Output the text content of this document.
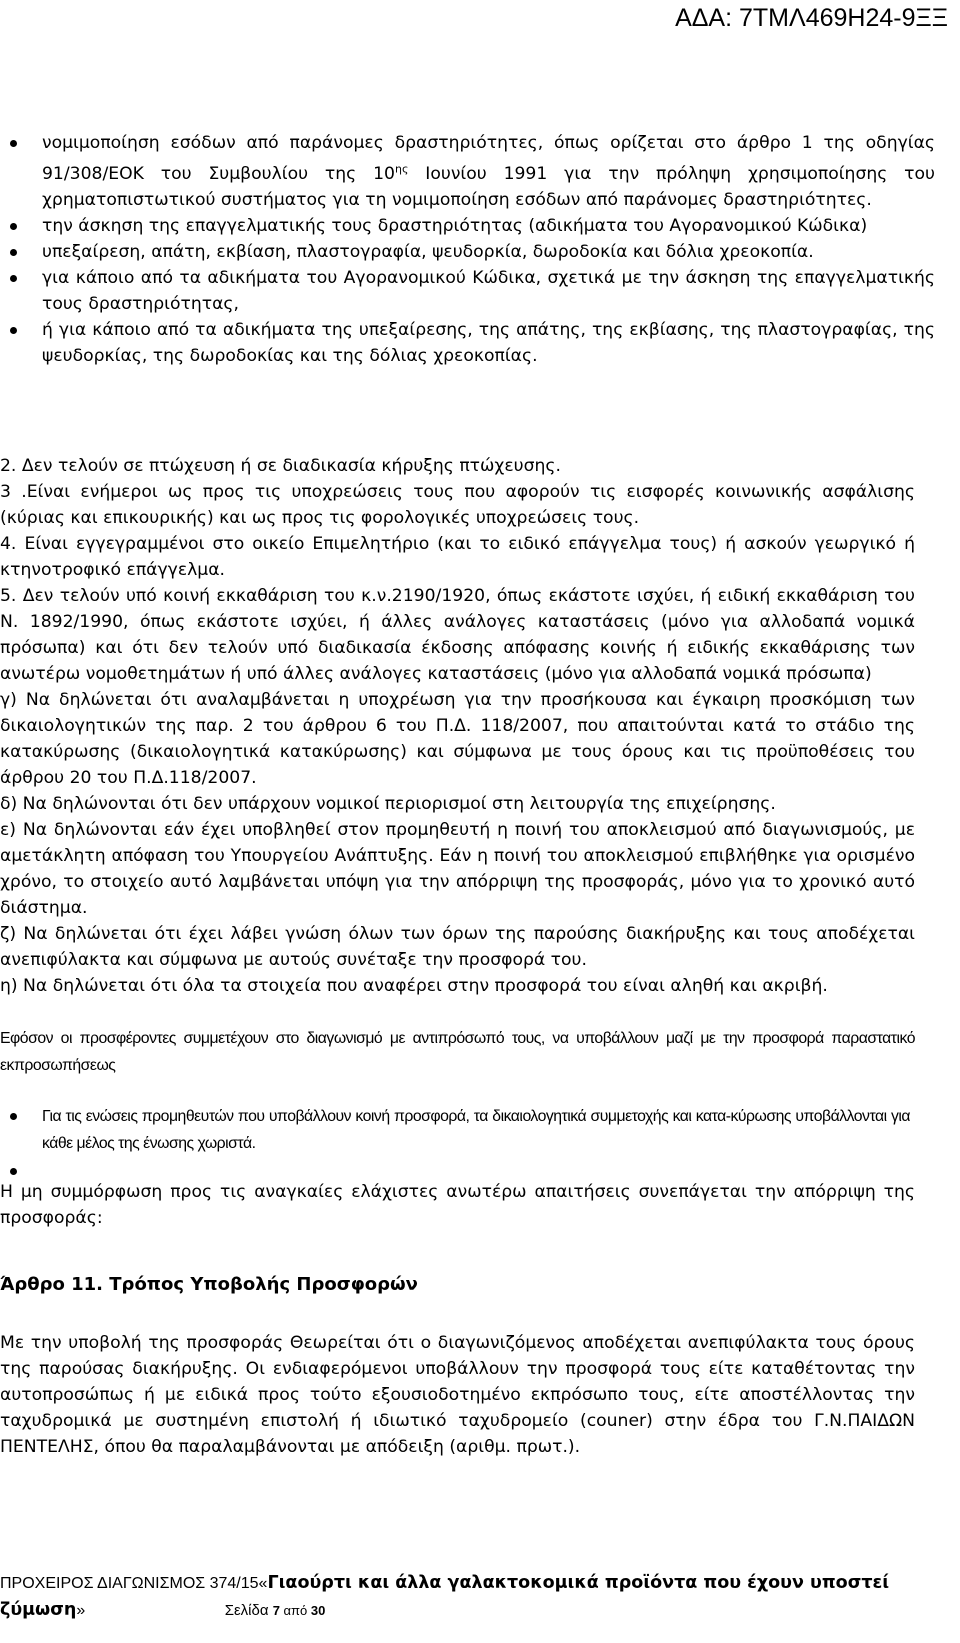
ΑΔΑ: 7ΤΜΛ469Η24-9ΞΞ
νομιμοποίηση εσόδων από παράνομες δραστηριότητες, όπως ορίζεται στο άρθρο 1 της οδηγίας 91/308/ΕΟΚ του Συμβουλίου της $10^{\eta\varsigma}$ Ιουνίου 1991 για την πρόληψη χρησιμοποίησης του χρηματοπιστωτικού συστήματος για τη νομιμοποίηση εσόδων από παράνομες δραστηριότητες.
την άσκηση της επαγγελματικής τους δραστηριότητας (αδικήματα του Αγορανομικού Κώδικα)
υπεξαίρεση, απάτη, εκβίαση, πλαστογραφία, ψευδορκία, δωροδοκία και δόλια χρεοκοπία.
για κάποιο από τα αδικήματα του Αγορανομικού Κώδικα, σχετικά με την άσκηση της επαγγελματικής τους δραστηριότητας,
ή για κάποιο από τα αδικήματα της υπεξαίρεσης, της απάτης, της εκβίασης, της πλαστογραφίας, της ψευδορκίας, της δωροδοκίας και της δόλιας χρεοκοπίας.

2. Δεν τελούν σε πτώχευση ή σε διαδικασία κήρυξης πτώχευσης.

3 .Είναι ενήμεροι ως προς τις υποχρεώσεις τους που αφορούν τις εισφορές κοινωνικής ασφάλισης (κύριας και επικουρικής) και ως προς τις φορολογικές υποχρεώσεις τους.

4. Είναι εγγεγραμμένοι στο οικείο Επιμελητήριο (και το ειδικό επάγγελμα τους) ή ασκούν γεωργικό ή κτηνοτροφικό επάγγελμα.

5. Δεν τελούν υπό κοινή εκκαθάριση του κ.ν.2190/1920, όπως εκάστοτε ισχύει, ή ειδική εκκαθάριση του Ν. 1892/1990, όπως εκάστοτε ισχύει, ή άλλες ανάλογες καταστάσεις (μόνο για αλλοδαπά νομικά πρόσωπα) και ότι δεν τελούν υπό διαδικασία έκδοσης απόφασης κοινής ή ειδικής εκκαθάρισης των ανωτέρω νομοθετημάτων ή υπό άλλες ανάλογες καταστάσεις (μόνο για αλλοδαπά νομικά πρόσωπα)

γ) Να δηλώνεται ότι αναλαμβάνεται η υποχρέωση για την προσήκουσα και έγκαιρη προσκόμιση των δικαιολογητικών της παρ. 2 του άρθρου 6 του Π.Δ. 118/2007, που απαιτούνται κατά το στάδιο της κατακύρωσης (δικαιολογητικά κατακύρωσης) και σύμφωνα με τους όρους και τις προϋποθέσεις του άρθρου 20 του Π.Δ.118/2007.

δ) Να δηλώνονται ότι δεν υπάρχουν νομικοί περιορισμοί στη λειτουργία της επιχείρησης.

ε) Να δηλώνονται εάν έχει υποβληθεί στον προμηθευτή η ποινή του αποκλεισμού από διαγωνισμούς, με αμετάκλητη απόφαση του Υπουργείου Ανάπτυξης. Εάν η ποινή του αποκλεισμού επιβλήθηκε για ορισμένο χρόνο, το στοιχείο αυτό λαμβάνεται υπόψη για την απόρριψη της προσφοράς, μόνο για το χρονικό αυτό διάστημα.

ζ) Να δηλώνεται ότι έχει λάβει γνώση όλων των όρων της παρούσης διακήρυξης και τους αποδέχεται ανεπιφύλακτα και σύμφωνα με αυτούς συνέταξε την προσφορά του.

η) Να δηλώνεται ότι όλα τα στοιχεία που αναφέρει στην προσφορά του είναι αληθή και ακριβή.

Εφόσον οι προσφέροντες συμμετέχουν στο διαγωνισμό με αντιπρόσωπό τους, να υποβάλλουν μαζί με την προσφορά παραστατικό εκπροσωπήσεως
Για τις ενώσεις προμηθευτών που υποβάλλουν κοινή προσφορά, τα δικαιολογητικά συμμετοχής και κατα-κύρωσης υποβάλλονται για κάθε μέλος της ένωσης χωριστά.
Η μη συμμόρφωση προς τις αναγκαίες ελάχιστες ανωτέρω απαιτήσεις συνεπάγεται την απόρριψη της προσφοράς:
Άρθρο 11. Τρόπος Υποβολής Προσφορών
Με την υποβολή της προσφοράς Θεωρείται ότι ο διαγωνιζόμενος αποδέχεται ανεπιφύλακτα τους όρους της παρούσας διακήρυξης. Οι ενδιαφερόμενοι υποβάλλουν την προσφορά τους είτε καταθέτοντας την αυτοπροσώπως ή με ειδικά προς τούτο εξουσιοδοτημένο εκπρόσωπο τους, είτε αποστέλλοντας την ταχυδρομικά με συστημένη επιστολή ή ιδιωτικό ταχυδρομείο (couner) στην έδρα του Γ.Ν.ΠΑΙΔΩΝ ΠΕΝΤΕΛΗΣ, όπου θα παραλαμβάνονται με απόδειξη (αριθμ. πρωτ.).
ΠΡΟΧΕΙΡΟΣ ΔΙΑΓΩΝΙΣΜΟΣ 374/15«Γιαούρτι και άλλα γαλακτοκομικά προϊόντα που έχουν υποστεί ζύμωση»	Σελίδα 7 από 30
